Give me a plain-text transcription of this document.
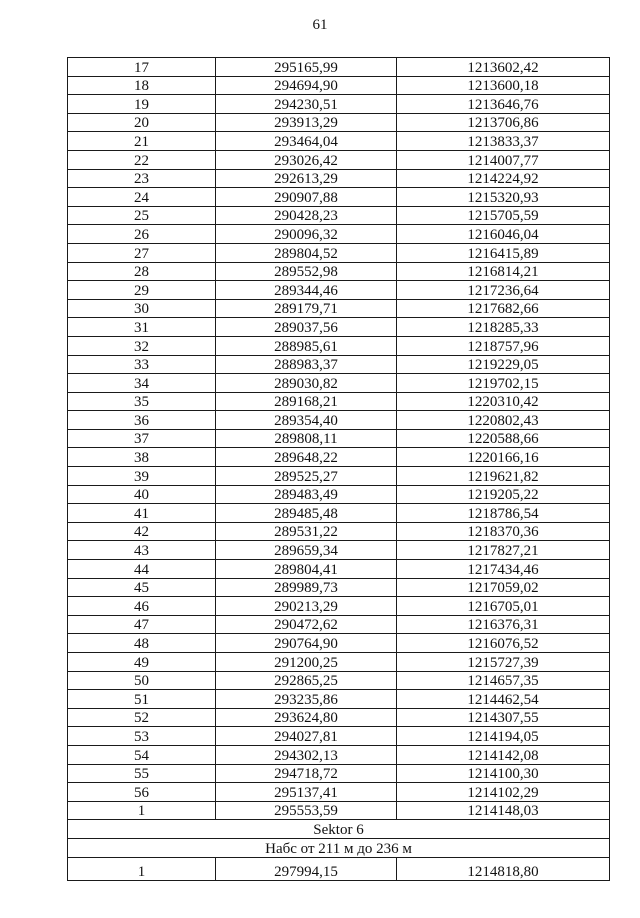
61
17	295165,99	1213602,42
18	294694,90	1213600,18
19	294230,51	1213646,76
20	293913,29	1213706,86
21	293464,04	1213833,37
22	293026,42	1214007,77
23	292613,29	1214224,92
24	290907,88	1215320,93
25	290428,23	1215705,59
26	290096,32	1216046,04
27	289804,52	1216415,89
28	289552,98	1216814,21
29	289344,46	1217236,64
30	289179,71	1217682,66
31	289037,56	1218285,33
32	288985,61	1218757,96
33	288983,37	1219229,05
34	289030,82	1219702,15
35	289168,21	1220310,42
36	289354,40	1220802,43
37	289808,11	1220588,66
38	289648,22	1220166,16
39	289525,27	1219621,82
40	289483,49	1219205,22
41	289485,48	1218786,54
42	289531,22	1218370,36
43	289659,34	1217827,21
44	289804,41	1217434,46
45	289989,73	1217059,02
46	290213,29	1216705,01
47	290472,62	1216376,31
48	290764,90	1216076,52
49	291200,25	1215727,39
50	292865,25	1214657,35
51	293235,86	1214462,54
52	293624,80	1214307,55
53	294027,81	1214194,05
54	294302,13	1214142,08
55	294718,72	1214100,30
56	295137,41	1214102,29
1	295553,59	1214148,03
Sektor 6		
Набс от 211 м до 236 м		
1	297994,15	1214818,80
